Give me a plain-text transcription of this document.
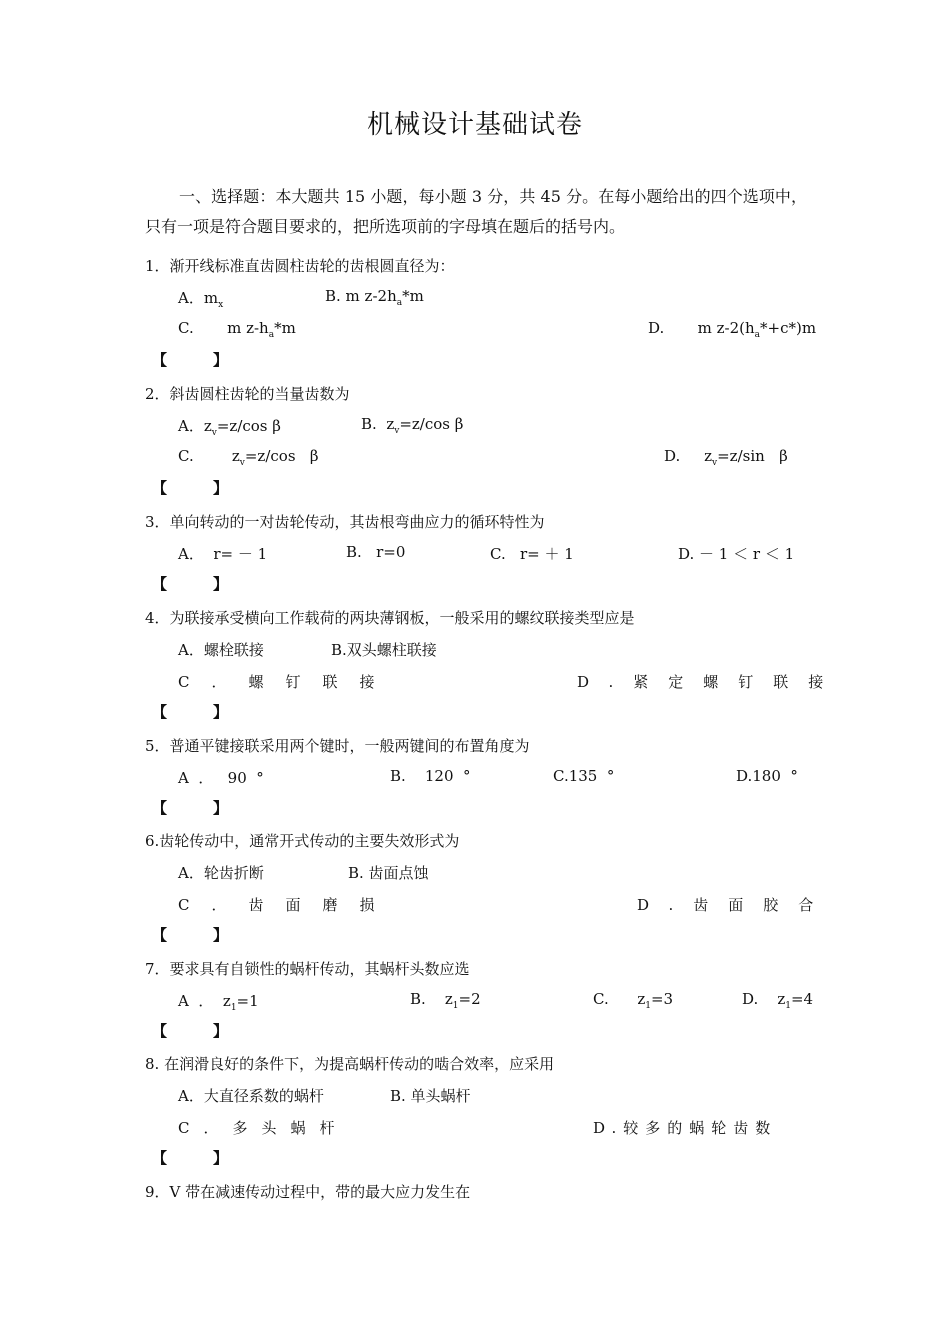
机械设计基础试卷
一、选择题：本大题共 15 小题，每小题 3 分，共 45 分。在每小题给出的四个选项中，只有一项是符合题目要求的，把所选项前的字母填在题后的括号内。
1．渐开线标准直齿圆柱齿轮的齿根圆直径为：
A．$m_x$	B. m $z-2h_a*m$
C.       m $z-h_a*m$	D.       m $z-2(h_a*+c*)m$
【】
2．斜齿圆柱齿轮的当量齿数为
A．$z_v=z/\cos$ β	B.  $z_v=z/\cos$ β
C.        $z_v=z/\cos$   β	D.     $z_v=z/\sin$   β
【】
3．单向转动的一对齿轮传动，其齿根弯曲应力的循环特性为
A．  r= － 1	B.   r=0	C.   r= ＋ 1	D. － 1 ＜ r ＜ 1
【】
4．为联接承受横向工作载荷的两块薄钢板，一般采用的螺纹联接类型应是
A．螺栓联接	B.双头螺柱联接
C．螺钉联接	D.紧定螺钉联接
【】
5．普通平键接联采用两个键时，一般两键间的布置角度为
A  ．   90  °	B.    120  °	C.135  °	D.180  °
【】
6.齿轮传动中，通常开式传动的主要失效形式为
A．轮齿折断	B. 齿面点蚀
C．齿面磨损	D.齿面胶合
【】
7．要求具有自锁性的蜗杆传动，其蜗杆头数应选
A  ．  $z_1=1$	B.    $z_1=2$	C.      $z_1=3$	D.    $z_1=4$
【】
8. 在润滑良好的条件下，为提高蜗杆传动的啮合效率，应采用
A．大直径系数的蜗杆	B. 单头蜗杆
C．多头蜗杆	D.较多的蜗轮齿数
【】
9．V 带在减速传动过程中，带的最大应力发生在
